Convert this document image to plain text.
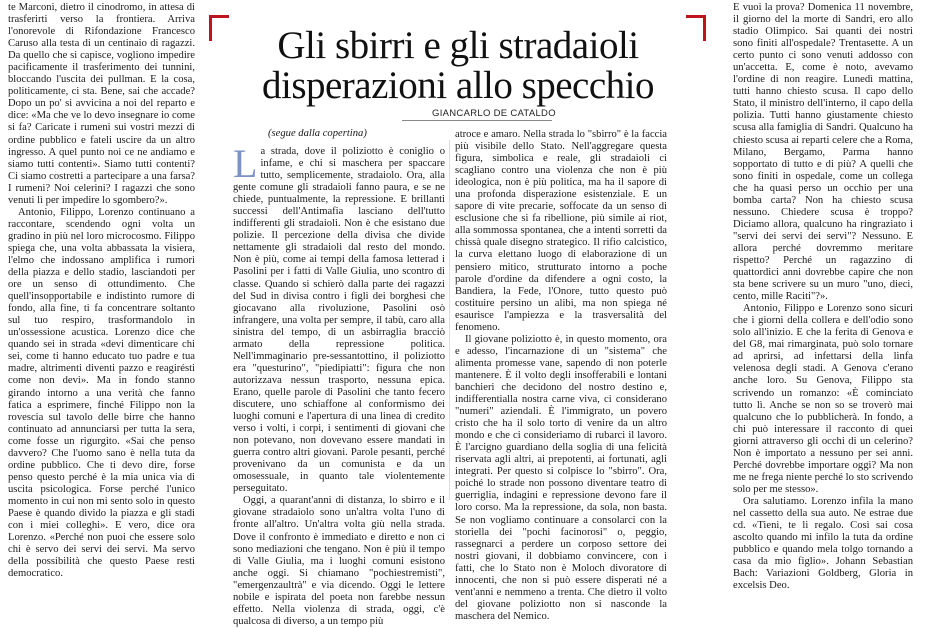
te Marconi, dietro il cinodromo, in attesa di trasferirti verso la frontiera. Arriva l'onorevole di Rifondazione Francesco Caruso alla testa di un centinaio di ragazzi. Da quello che si capisce, vogliono impedire pacificamente il trasferimento dei tunnini, bloccando l'uscita dei pullman. E la cosa, politicamente, ci sta. Bene, sai che accade? Dopo un po' si avvicina a noi del reparto e dice: «Ma che ve lo devo insegnare io come si fa? Caricate i rumeni sui vostri mezzi di ordine pubblico e fateli uscire da un altro ingresso. A quel punto noi ce ne andiamo e siamo tutti contenti». Siamo tutti contenti? Ci siamo costretti a partecipare a una farsa? I rumeni? Noi celerini? I ragazzi che sono venuti lì per impedire lo sgombero?».

Antonio, Filippo, Lorenzo continuano a raccontare, scendendo ogni volta un gradino in più nel loro microcosmo. Filippo spiega che, una volta abbassata la visiera, l'elmo che indossano amplifica i rumori della piazza e dello stadio, lasciandoti per ore un senso di ottundimento. Che quell'insopportabile e indistinto rumore di fondo, alla fine, ti fa concentrare soltanto sul tuo respiro, trasformandolo in un'ossessione acustica. Lorenzo dice che quando sei in strada «devi dimenticare chi sei, come ti hanno educato tuo padre e tua madre, altrimenti diventi pazzo e reagirésti come non devi». Ma in fondo stanno girando intorno a una verità che fanno fatica a esprimere, finché Filippo non la rovescia sul tavolo delle birre che hanno continuato ad annunciarsi per tutta la sera, come fosse un rigurgito. «Sai che penso davvero? Che l'uomo sano è nella tuta da ordine pubblico. Che ti devo dire, forse penso questo perché è la mia unica via di uscita psicologica. Forse perché l'unico momento in cui non mi sento solo in questo Paese è quando divido la piazza e gli stadi con i miei colleghi». E vero, dice ora Lorenzo. «Perché non puoi che essere solo chi è servo dei servi dei servi. Ma servo della possibilità che questo Paese resti democratico.

Gli sbirri e gli stradaioli
disperazioni allo specchio
GIANCARLO DE CATALDO
(segue dalla copertina)

La strada, dove il poliziotto è coniglio o infame, e chi si maschera per spaccare tutto, semplicemente, stradaiolo. Ora, alla gente comune gli stradaioli fanno paura, e se ne chiede, puntualmente, la repressione. E brillanti successi dell'Antimafia lasciano dell'tutto indifferenti gli stradaioli. Non è che esistano due polizie. Il percezione della divisa che divide nettamente gli stradaioli dal resto del mondo. Non è più, come ai tempi della famosa letterad i Pasolini per i fatti di Valle Giulia, uno scontro di classe. Quando si schierò dalla parte dei ragazzi del Sud in divisa contro i figli dei borghesi che giocavano alla rivoluzione, Pasolini osò infrangere, una volta per sempre, il tabù, caro alla sinistra del tempo, di un asbirraglia bracciò armato della repressione politica. Nell'immaginario pre-sessantottino, il poliziotto era "questurino", "piedipiatti": figura che non autorizzava nessun trasporto, nessuna epica. Erano, quelle parole di Pasolini che tanto fecero discutere, uno schiaffone al conformismo dei luoghi comuni e l'apertura di una linea di credito verso i volti, i corpi, i sentimenti di giovani che non potevano, non dovevano essere mandati in guerra contro altri giovani. Parole pesanti, perché provenivano da un comunista e da un omosessuale, in quanto tale violentemente perseguitato.

Oggi, a quarant'anni di distanza, lo sbirro e il giovane stradaiolo sono un'altra volta l'uno di fronte all'altro. Un'altra volta giù nella strada. Dove il confronto è immediato e diretto e non ci sono mediazioni che tengano. Non è più il tempo di Valle Giulia, ma i luoghi comuni esistono anche oggi. Si chiamano "pochiestremisti", "emergenzaultrà" e via dicendo. Oggi le lettere nobile e ispirata del poeta non farebbe nessun effetto. Nella violenza di strada, oggi, c'è qualcosa di diverso, a un tempo più

atroce e amaro. Nella strada lo "sbirro" è la faccia più visibile dello Stato. Nell'aggregare questa figura, simbolica e reale, gli stradaioli ci scagliano contro una violenza che non è più ideologica, non è più politica, ma ha il sapore di una profonda disperazione esistenziale. E un sapore di vite precarie, soffocate da un senso di esclusione che si fa ribellione, più simile ai riot, alla sommossa spontanea, che a intenti sorretti da chissà quale disegno strategico. Il rifio calcistico, la curva elettano luogo di elaborazione di un pensiero mitico, strutturato intorno a poche parole d'ordine da difendere a ogni costo, la Bandiera, la Fede, l'Onore, tutto questo può costituire persino un alibi, ma non spiega né esaurisce l'ampiezza e la trasversalità del fenomeno.

Il giovane poliziotto è, in questo momento, ora e adesso, l'incarnazione di un "sistema" che alimenta promesse vane, sapendo di non poterle mantenere. È il volto degli insofferabili e lontani banchieri che decidono del nostro destino e, indifferentialla nostra carne viva, ci considerano "numeri" aziendali. È l'immigrato, un povero cristo che ha il solo torto di venire da un altro mondo e che ci consideriamo di rubarci il lavoro. È l'arcigno guardiano della soglia di una felicità riservata agli altri, ai prepotenti, ai fortunati, agli integrati. Per questo si colpisce lo "sbirro". Ora, poiché lo strade non possono diventare teatro di guerriglia, indagini e repressione devono fare il loro corso. Ma la repressione, da sola, non basta. Se non vogliamo continuare a consolarci con la storiella dei "pochi facinorosi" o, peggio, rassegnarci a perdere un corposo settore dei nostri giovani, il dobbiamo convincere, con i fatti, che lo Stato non è Moloch divoratore di innocenti, che non si può essere disperati né a vent'anni e nemmeno a trenta. Che dietro il volto del giovane poliziotto non si nasconde la maschera del Nemico.

E vuoi la prova? Domenica 11 novembre, il giorno del la morte di Sandri, ero allo stadio Olimpico. Sai quanti dei nostri sono finiti all'ospedale? Trentasette. A un certo punto ci sono venuti addosso con un'accetta. E, come è noto, avevamo l'ordine di non reagire. Lunedì mattina, tutti hanno chiesto scusa. Il capo dello Stato, il ministro dell'interno, il capo della polizia. Tutti hanno giustamente chiesto scusa alla famiglia di Sandri. Qualcuno ha chiesto scusa ai reparti celere che a Roma, Milano, Bergamo, Parma hanno sopportato di tutto e di più? A quelli che sono finiti in ospedale, come un collega che ha quasi perso un occhio per una bomba carta? Non ha chiesto scusa nessuno. Chiedere scusa è troppo? Diciamo allora, qualcuno ha ringraziato i "servi dei servi dei servi"? Nessuno. E allora perché dovremmo meritare rispetto? Perché un ragazzino di quattordici anni dovrebbe capire che non sta bene scrivere su un muro "uno, dieci, cento, mille Raciti"?».

Antonio, Filippo e Lorenzo sono sicuri che i giorni della collera e dell'odio sono solo all'inizio. E che la ferita di Genova e del G8, mai rimarginata, può solo tornare ad aprirsi, ad infettarsi della linfa velenosa degli stadi. A Genova c'erano anche loro. Su Genova, Filippo sta scrivendo un romanzo: «È cominciato tutto lì. Anche se non so se troverò mai qualcuno che lo pubblicherà. In fondo, a chi può interessare il racconto di quei giorni attraverso gli occhi di un celerino? Non è importato a nessuno per sei anni. Perché dovrebbe importare oggi? Ma non me ne frega niente perché lo sto scrivendo solo per me stesso».

Ora salutiamo. Lorenzo infila la mano nel cassetto della sua auto. Ne estrae due cd. «Tieni, te li regalo. Così sai cosa ascolto quando mi infilo la tuta da ordine pubblico e quando mela tolgo tornando a casa da mio figlio». Johann Sebastian Bach: Variazioni Goldberg, Gloria in excelsis Deo.
